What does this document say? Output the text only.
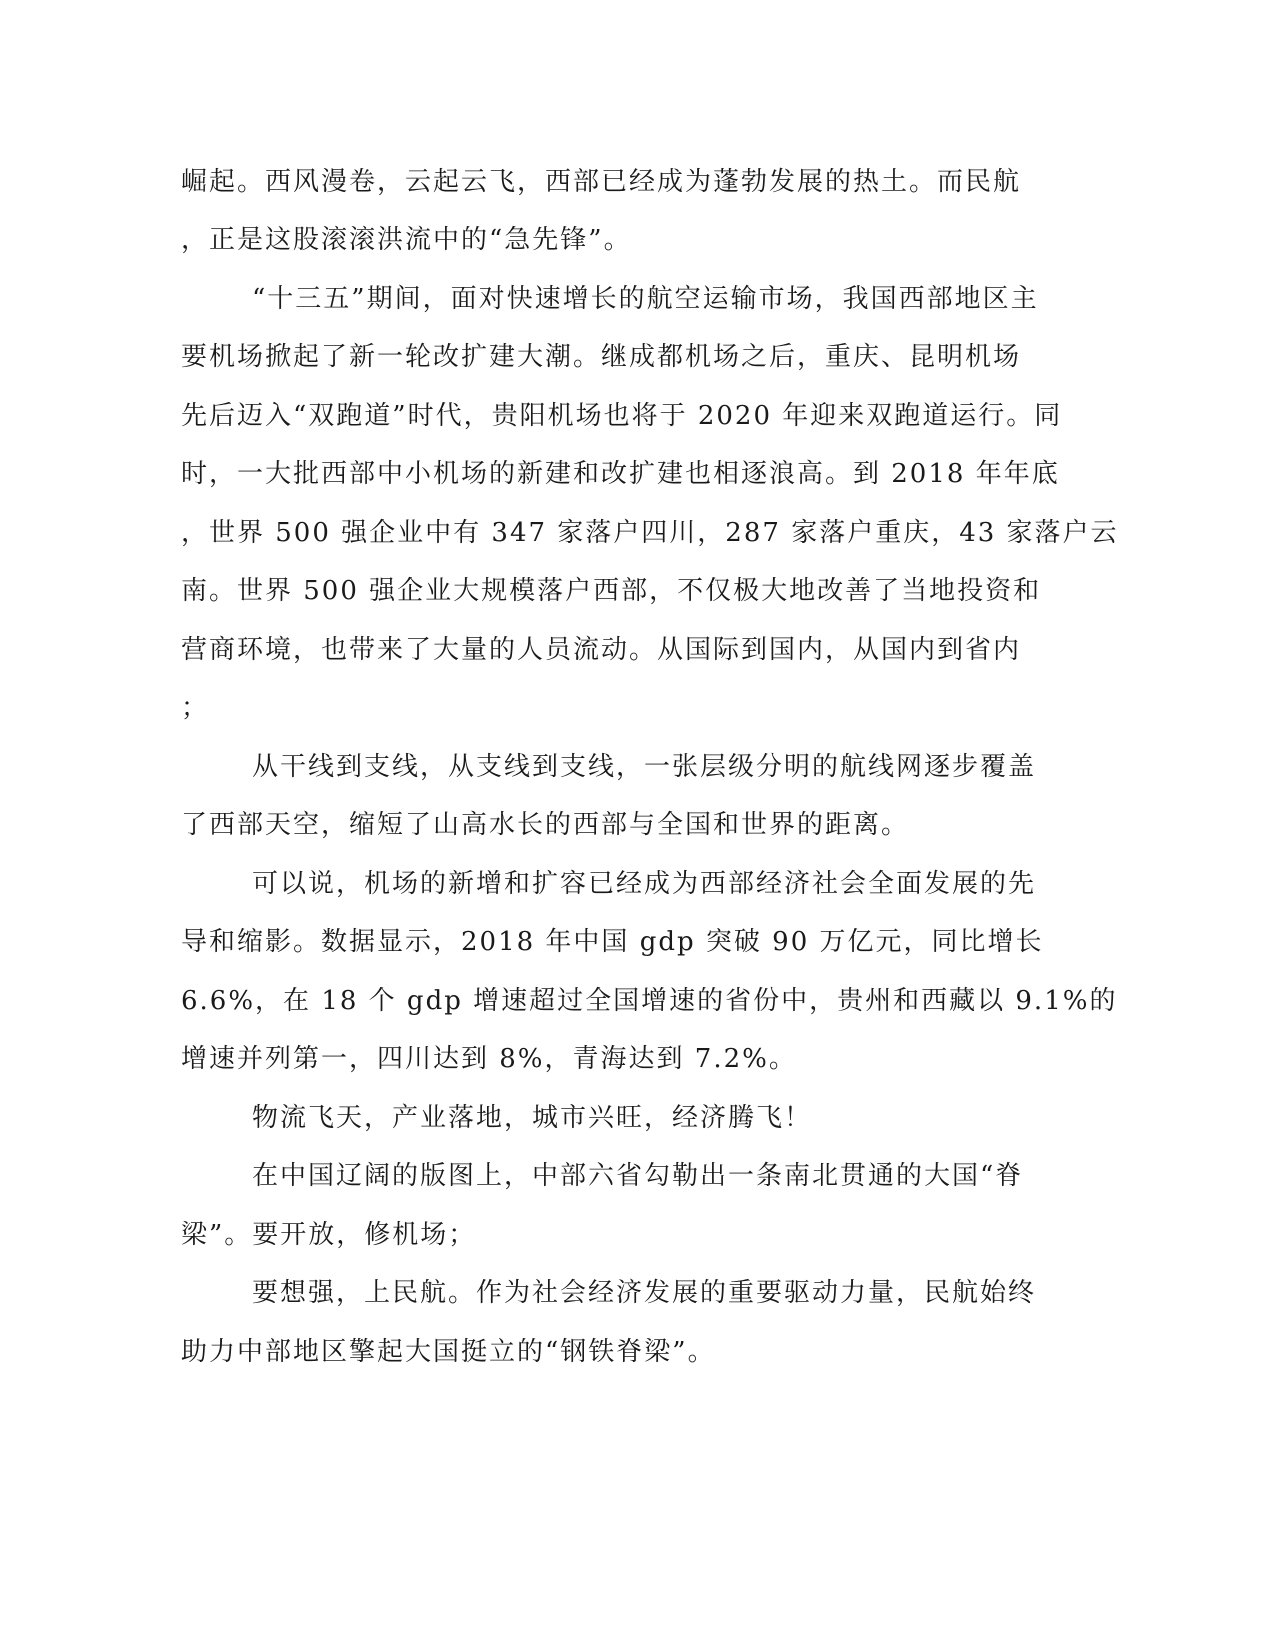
崛起。西风漫卷，云起云飞，西部已经成为蓬勃发展的热土。而民航
，正是这股滚滚洪流中的“急先锋”。
“十三五”期间，面对快速增长的航空运输市场，我国西部地区主
要机场掀起了新一轮改扩建大潮。继成都机场之后，重庆、昆明机场
先后迈入“双跑道”时代，贵阳机场也将于 2020 年迎来双跑道运行。同
时，一大批西部中小机场的新建和改扩建也相逐浪高。到 2018 年年底
，世界 500 强企业中有 347 家落户四川，287 家落户重庆，43 家落户云
南。世界 500 强企业大规模落户西部，不仅极大地改善了当地投资和
营商环境，也带来了大量的人员流动。从国际到国内，从国内到省内
；
从干线到支线，从支线到支线，一张层级分明的航线网逐步覆盖
了西部天空，缩短了山高水长的西部与全国和世界的距离。
可以说，机场的新增和扩容已经成为西部经济社会全面发展的先
导和缩影。数据显示，2018 年中国 gdp 突破 90 万亿元，同比增长
6.6%，在 18 个 gdp 增速超过全国增速的省份中，贵州和西藏以 9.1%的
增速并列第一，四川达到 8%，青海达到 7.2%。
物流飞天，产业落地，城市兴旺，经济腾飞！
在中国辽阔的版图上，中部六省勾勒出一条南北贯通的大国“脊
梁”。要开放，修机场；
要想强，上民航。作为社会经济发展的重要驱动力量，民航始终
助力中部地区擎起大国挺立的“钢铁脊梁”。
